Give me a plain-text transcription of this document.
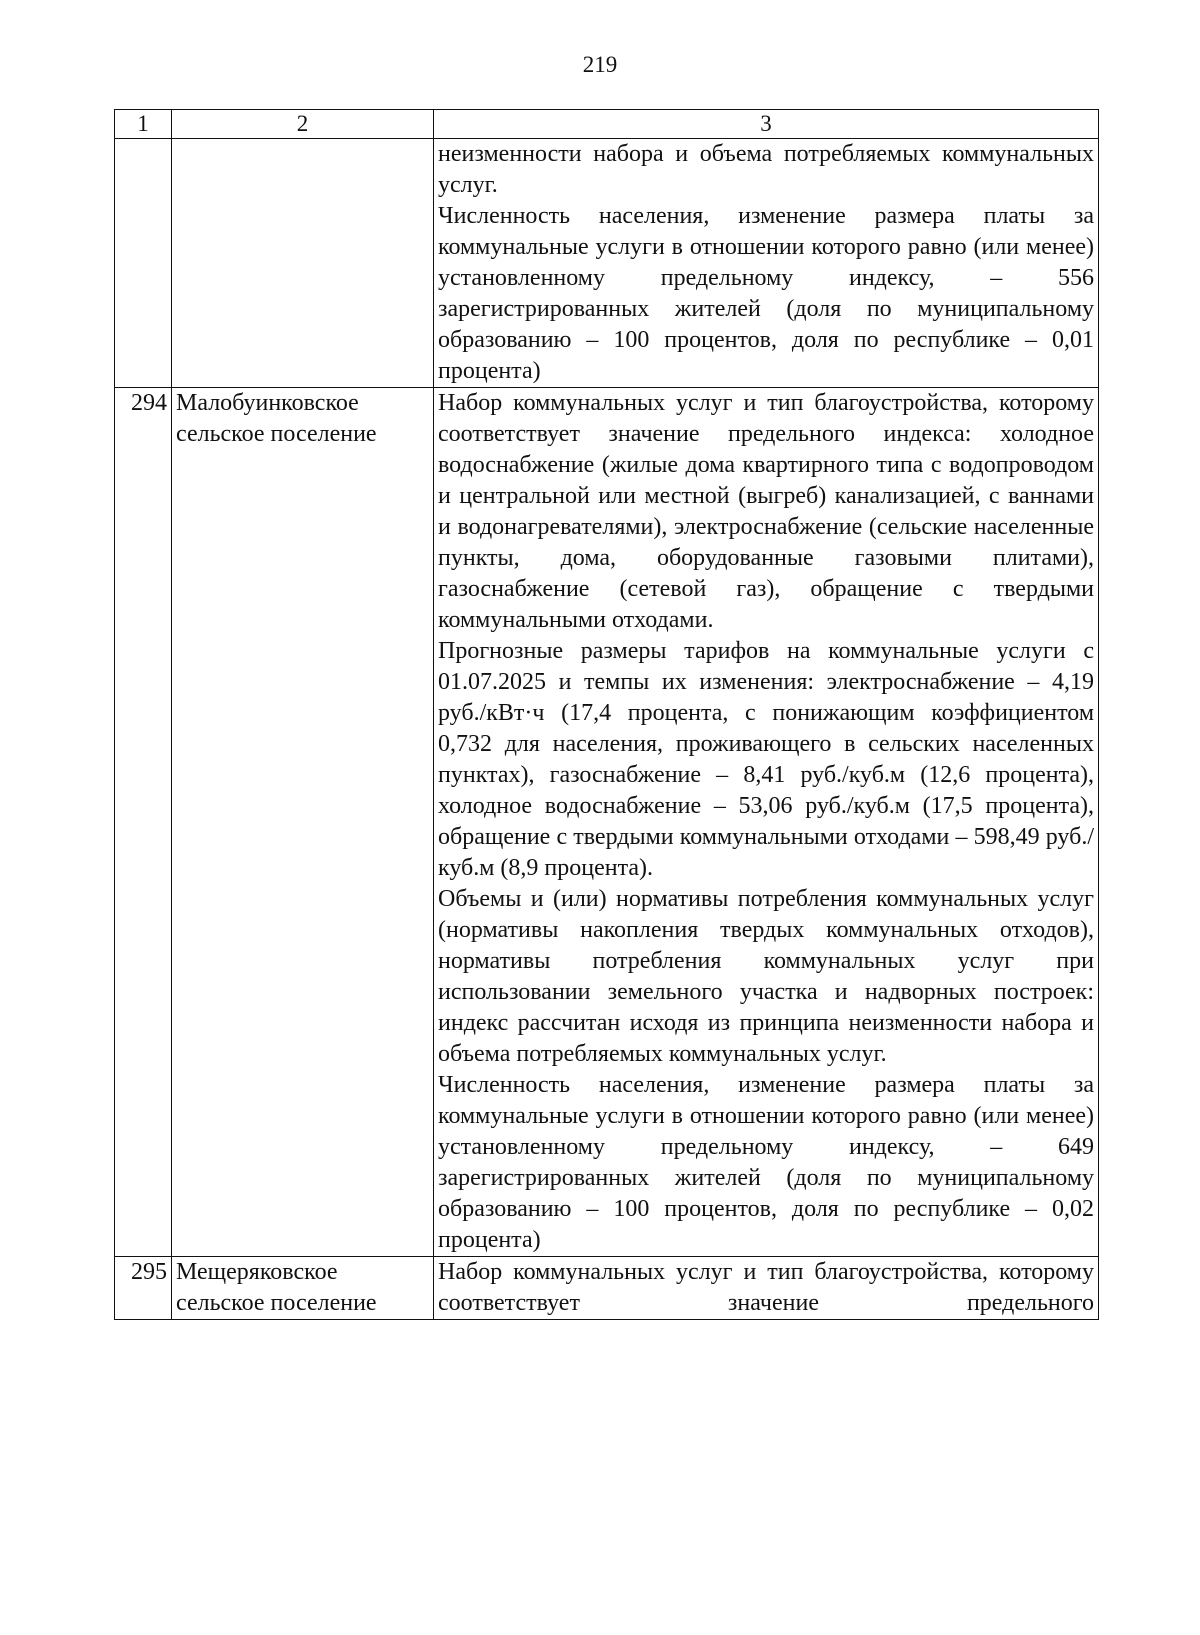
219
1	2	3

		неизменности набора и объема потребляемых коммунальных услуг.
Численность населения, изменение размера платы за коммунальные услуги в отношении которого равно (или менее) установленному предельному индексу, – 556 зарегистрированных жителей (доля по муниципальному образованию – 100 процентов, доля по республике – 0,01 процента)

294	Малобуинковское сельское поселение	Набор коммунальных услуг и тип благоустройства, которому соответствует значение предельного индекса: холодное водоснабжение (жилые дома квартирного типа с водопроводом и центральной или местной (выгреб) канализацией, с ваннами и водонагревателями), электроснабжение (сельские населенные пункты, дома, оборудованные газовыми плитами), газоснабжение (сетевой газ), обращение с твердыми коммунальными отходами.
Прогнозные размеры тарифов на коммунальные услуги с 01.07.2025 и темпы их изменения: электроснабжение – 4,19 руб./кВт·ч (17,4 процента, с понижающим коэффициентом 0,732 для населения, проживающего в сельских населенных пунктах), газоснабжение – 8,41 руб./куб.м (12,6 процента), холодное водоснабжение – 53,06 руб./куб.м (17,5 процента), обращение с твердыми коммунальными отходами – 598,49 руб./куб.м (8,9 процента).
Объемы и (или) нормативы потребления коммунальных услуг (нормативы накопления твердых коммунальных отходов), нормативы потребления коммунальных услуг при использовании земельного участка и надворных построек: индекс рассчитан исходя из принципа неизменности набора и объема потребляемых коммунальных услуг.
Численность населения, изменение размера платы за коммунальные услуги в отношении которого равно (или менее) установленному предельному индексу, – 649 зарегистрированных жителей (доля по муниципальному образованию – 100 процентов, доля по республике – 0,02 процента)

295	Мещеряковское сельское поселение	Набор коммунальных услуг и тип благоустройства, которому соответствует значение предельного
